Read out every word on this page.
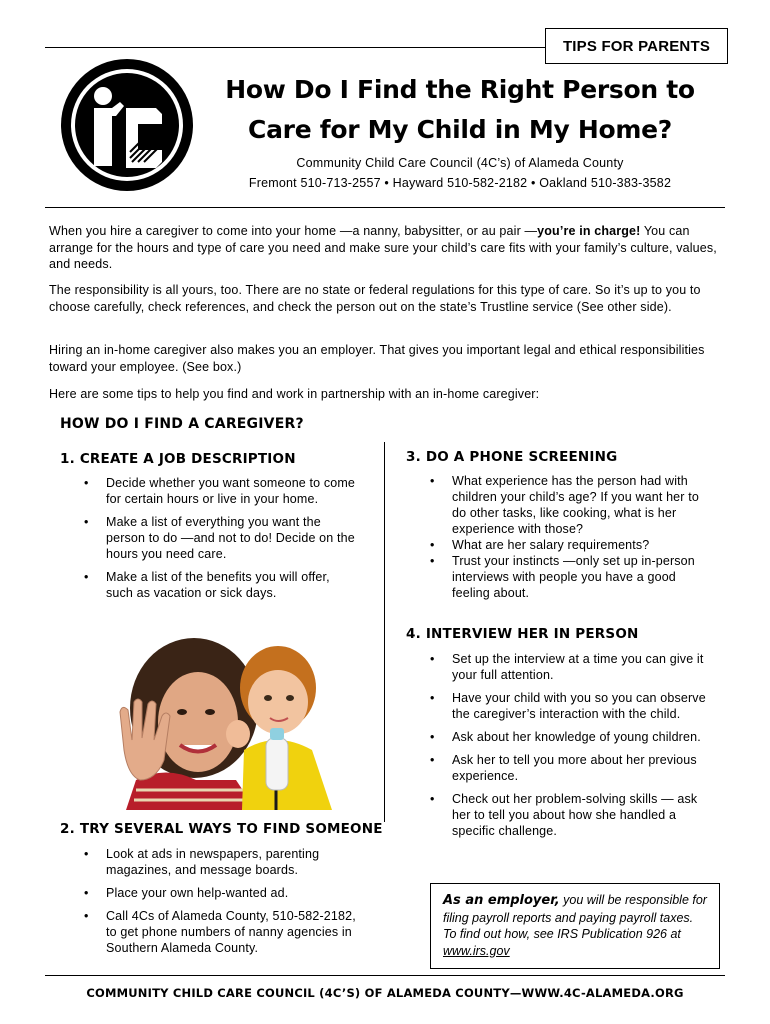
TIPS FOR PARENTS
How Do I Find the Right Person to
Care for My Child in My Home?
Community Child Care Council (4C’s) of Alameda County
Fremont 510-713-2557 • Hayward 510-582-2182 • Oakland 510-383-3582

When you hire a caregiver to come into your home —a nanny, babysitter, or au pair —you’re in charge! You can arrange for the hours and type of care you need and make sure your child’s care fits with your family’s culture, values, and needs.

The responsibility is all yours, too. There are no state or federal regulations for this type of care. So it’s up to you to choose carefully, check references, and check the person out on the state’s Trustline service (See other side).

Hiring an in-home caregiver also makes you an employer. That gives you important legal and ethical responsibilities toward your employee. (See box.)

Here are some tips to help you find and work in partnership with an in-home caregiver:

HOW DO I FIND A CAREGIVER?
1. CREATE A JOB DESCRIPTION
• Decide whether you want someone to come for certain hours or live in your home.
• Make a list of everything you want the person to do —and not to do! Decide on the hours you need care.
• Make a list of the benefits you will offer, such as vacation or sick days.
2. TRY SEVERAL WAYS TO FIND SOMEONE
• Look at ads in newspapers, parenting magazines, and message boards.
• Place your own help-wanted ad.
• Call 4Cs of Alameda County, 510-582-2182, to get phone numbers of nanny agencies in Southern Alameda County.
3. DO A PHONE SCREENING
• What experience has the person had with children your child’s age? If you want her to do other tasks, like cooking, what is her experience with those?
• What are her salary requirements?
• Trust your instincts —only set up in-person interviews with people you have a good feeling about.
4. INTERVIEW HER IN PERSON
• Set up the interview at a time you can give it your full attention.
• Have your child with you so you can observe the caregiver’s interaction with the child.
• Ask about her knowledge of young children.
• Ask her to tell you more about her previous experience.
• Check out her problem-solving skills — ask her to tell you about how she handled a specific challenge.
As an employer, you will be responsible for filing payroll reports and paying payroll taxes. To find out how, see IRS Publication 926 at www.irs.gov
COMMUNITY CHILD CARE COUNCIL (4C’S) OF ALAMEDA COUNTY—WWW.4C-ALAMEDA.ORG
